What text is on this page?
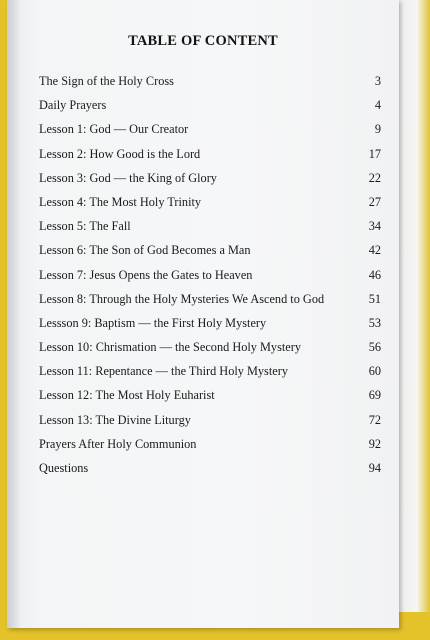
TABLE OF CONTENT
The Sign of the Holy Cross	3
Daily Prayers	4
Lesson 1: God — Our Creator	9
Lesson 2: How Good is the Lord	17
Lesson 3: God — the King of Glory	22
Lesson 4: The Most Holy Trinity	27
Lesson 5: The Fall	34
Lesson 6: The Son of God Becomes a Man	42
Lesson 7: Jesus Opens the Gates to Heaven	46
Lesson 8: Through the Holy Mysteries We Ascend to God	51
Lessson 9: Baptism — the First Holy Mystery	53
Lesson 10: Chrismation — the Second Holy Mystery	56
Lesson 11: Repentance — the Third Holy Mystery	60
Lesson 12: The Most Holy Euharist	69
Lesson 13: The Divine Liturgy	72
Prayers After Holy Communion	92
Questions	94
